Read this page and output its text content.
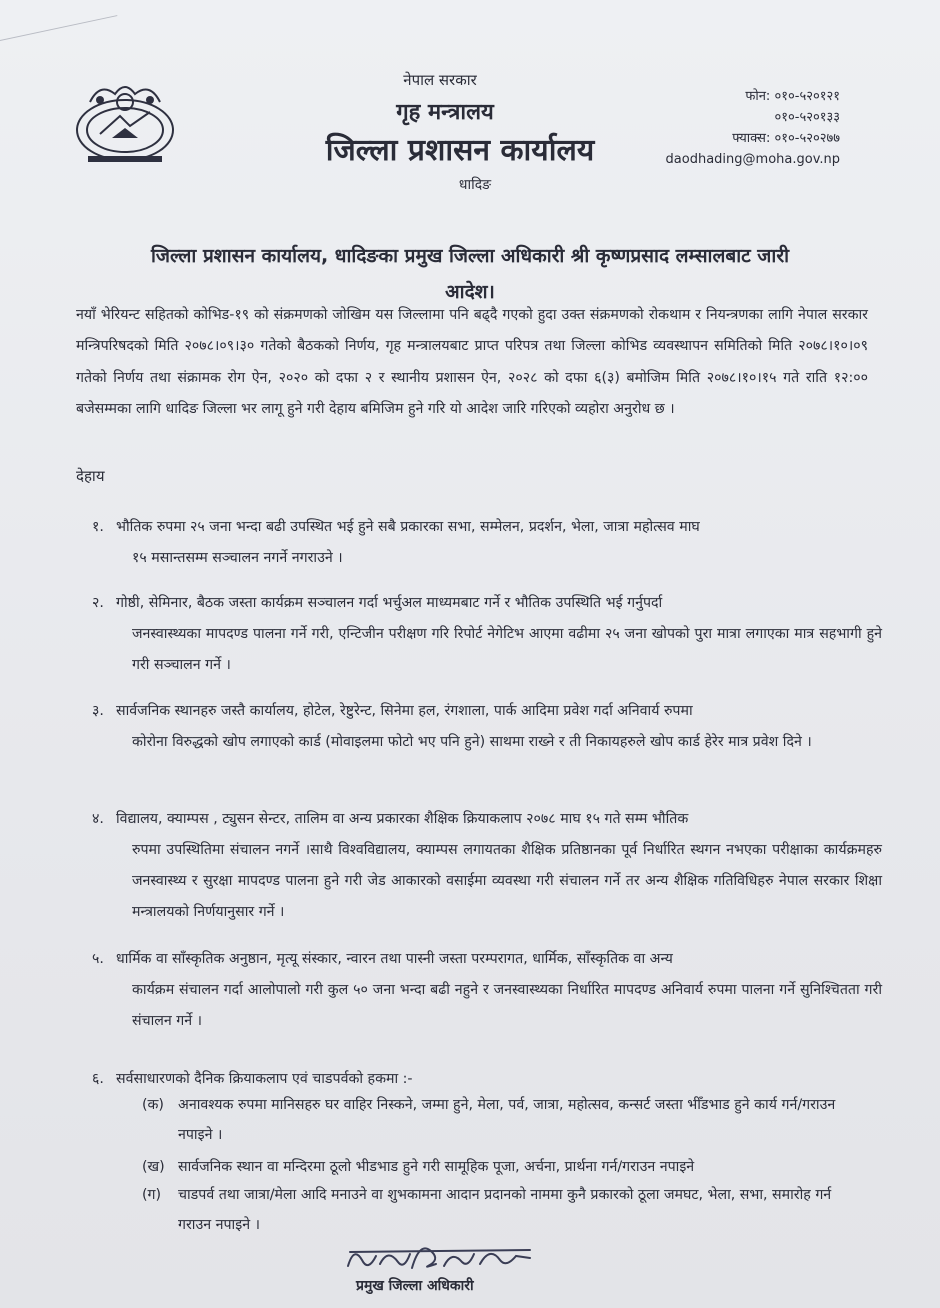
नेपाल सरकार
गृह मन्त्रालय
जिल्ला प्रशासन कार्यालय
धादिङ
फोन: ०१०-५२०१२१
०१०-५२०१३३
फ्याक्स: ०१०-५२०२७७
daodhading@moha.gov.np
जिल्ला प्रशासन कार्यालय, धादिङका प्रमुख जिल्ला अधिकारी श्री कृष्णप्रसाद लम्सालबाट जारी
आदेश।
नयाँ भेरियन्ट सहितको कोभिड-१९ को संक्रमणको जोखिम यस जिल्लामा पनि बढ्दै गएको हुदा उक्त संक्रमणको रोकथाम र नियन्त्रणका लागि नेपाल सरकार मन्त्रिपरिषदको मिति २०७८।०९।३० गतेको बैठकको निर्णय, गृह मन्त्रालयबाट प्राप्त परिपत्र तथा जिल्ला कोभिड व्यवस्थापन समितिको मिति २०७८।१०।०९ गतेको निर्णय तथा संक्रामक रोग ऐन, २०२० को दफा २ र स्थानीय प्रशासन ऐन, २०२८ को दफा ६(३) बमोजिम मिति २०७८।१०।१५ गते राति १२:०० बजेसम्मका लागि धादिङ जिल्ला भर लागू हुने गरी देहाय बमिजिम हुने गरि यो आदेश जारि गरिएको व्यहोरा अनुरोध छ ।
देहाय
१. भौतिक रुपमा २५ जना भन्दा बढी उपस्थित भई हुने सबै प्रकारका सभा, सम्मेलन, प्रदर्शन, भेला, जात्रा महोत्सव माघ
१५ मसान्तसम्म सञ्चालन नगर्ने नगराउने ।
२. गोष्ठी, सेमिनार, बैठक जस्ता कार्यक्रम सञ्चालन गर्दा भर्चुअल माध्यमबाट गर्ने र भौतिक उपस्थिति भई गर्नुपर्दा
जनस्वास्थ्यका मापदण्ड पालना गर्ने गरी, एन्टिजीन परीक्षण गरि रिपोर्ट नेगेटिभ आएमा वढीमा २५ जना खोपको पुरा मात्रा लगाएका मात्र सहभागी हुने गरी सञ्चालन गर्ने ।
३. सार्वजनिक स्थानहरु जस्तै कार्यालय, होटेल, रेष्टुरेन्ट, सिनेमा हल, रंगशाला, पार्क आदिमा प्रवेश गर्दा अनिवार्य रुपमा
कोरोना विरुद्धको खोप लगाएको कार्ड (मोवाइलमा फोटो भए पनि हुने) साथमा राख्ने र ती निकायहरुले खोप कार्ड हेरेर मात्र प्रवेश दिने ।
४. विद्यालय, क्याम्पस , ट्युसन सेन्टर, तालिम वा अन्य प्रकारका शैक्षिक क्रियाकलाप २०७८ माघ १५ गते सम्म भौतिक
रुपमा उपस्थितिमा संचालन नगर्ने ।साथै विश्वविद्यालय, क्याम्पस लगायतका शैक्षिक प्रतिष्ठानका पूर्व निर्धारित स्थगन नभएका परीक्षाका कार्यक्रमहरु जनस्वास्थ्य र सुरक्षा मापदण्ड पालना हुने गरी जेड आकारको वसाईमा व्यवस्था गरी संचालन गर्ने तर अन्य शैक्षिक गतिविधिहरु नेपाल सरकार शिक्षा मन्त्रालयको निर्णयानुसार गर्ने ।
५. धार्मिक वा साँस्कृतिक अनुष्ठान, मृत्यू संस्कार, न्वारन तथा पास्नी जस्ता परम्परागत, धार्मिक, साँस्कृतिक वा अन्य
कार्यक्रम संचालन गर्दा आलोपालो गरी कुल ५० जना भन्दा बढी नहुने र जनस्वास्थ्यका निर्धारित मापदण्ड अनिवार्य रुपमा पालना गर्ने सुनिश्चितता गरी संचालन गर्ने ।
६. सर्वसाधारणको दैनिक क्रियाकलाप एवं चाडपर्वको हकमा :-
(क) अनावश्यक रुपमा मानिसहरु घर वाहिर निस्कने, जम्मा हुने, मेला, पर्व, जात्रा, महोत्सव, कन्सर्ट जस्ता भीँडभाड हुने कार्य गर्न/गराउन नपाइने ।
(ख) सार्वजनिक स्थान वा मन्दिरमा ठूलो भीडभाड हुने गरी सामूहिक पूजा, अर्चना, प्रार्थना गर्न/गराउन नपाइने
(ग) चाडपर्व तथा जात्रा/मेला आदि मनाउने वा शुभकामना आदान प्रदानको नाममा कुनै प्रकारको ठूला जमघट, भेला, सभा, समारोह गर्न गराउन नपाइने ।
प्रमुख जिल्ला अधिकारी
